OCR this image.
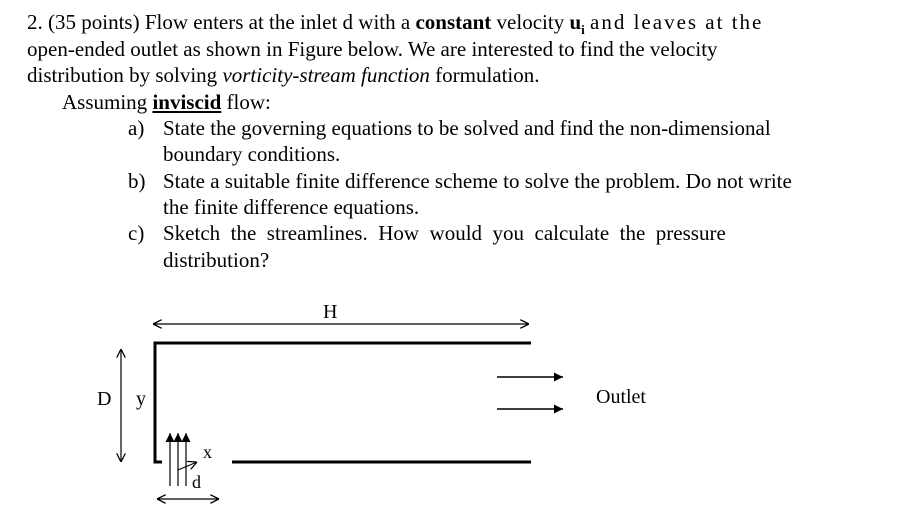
2. (35 points) Flow enters at the inlet d with a constant velocity $u_i$ and leaves at the
open-ended outlet as shown in Figure below. We are interested to find the velocity
distribution by solving vorticity-stream function formulation.
Assuming inviscid flow:
a) State the governing equations to be solved and find the non-dimensional
boundary conditions.
b) State a suitable finite difference scheme to solve the problem. Do not write
the finite difference equations.
c) Sketch  the  streamlines.  How  would  you  calculate  the  pressure
distribution?
H
D y
x
d
Outlet
